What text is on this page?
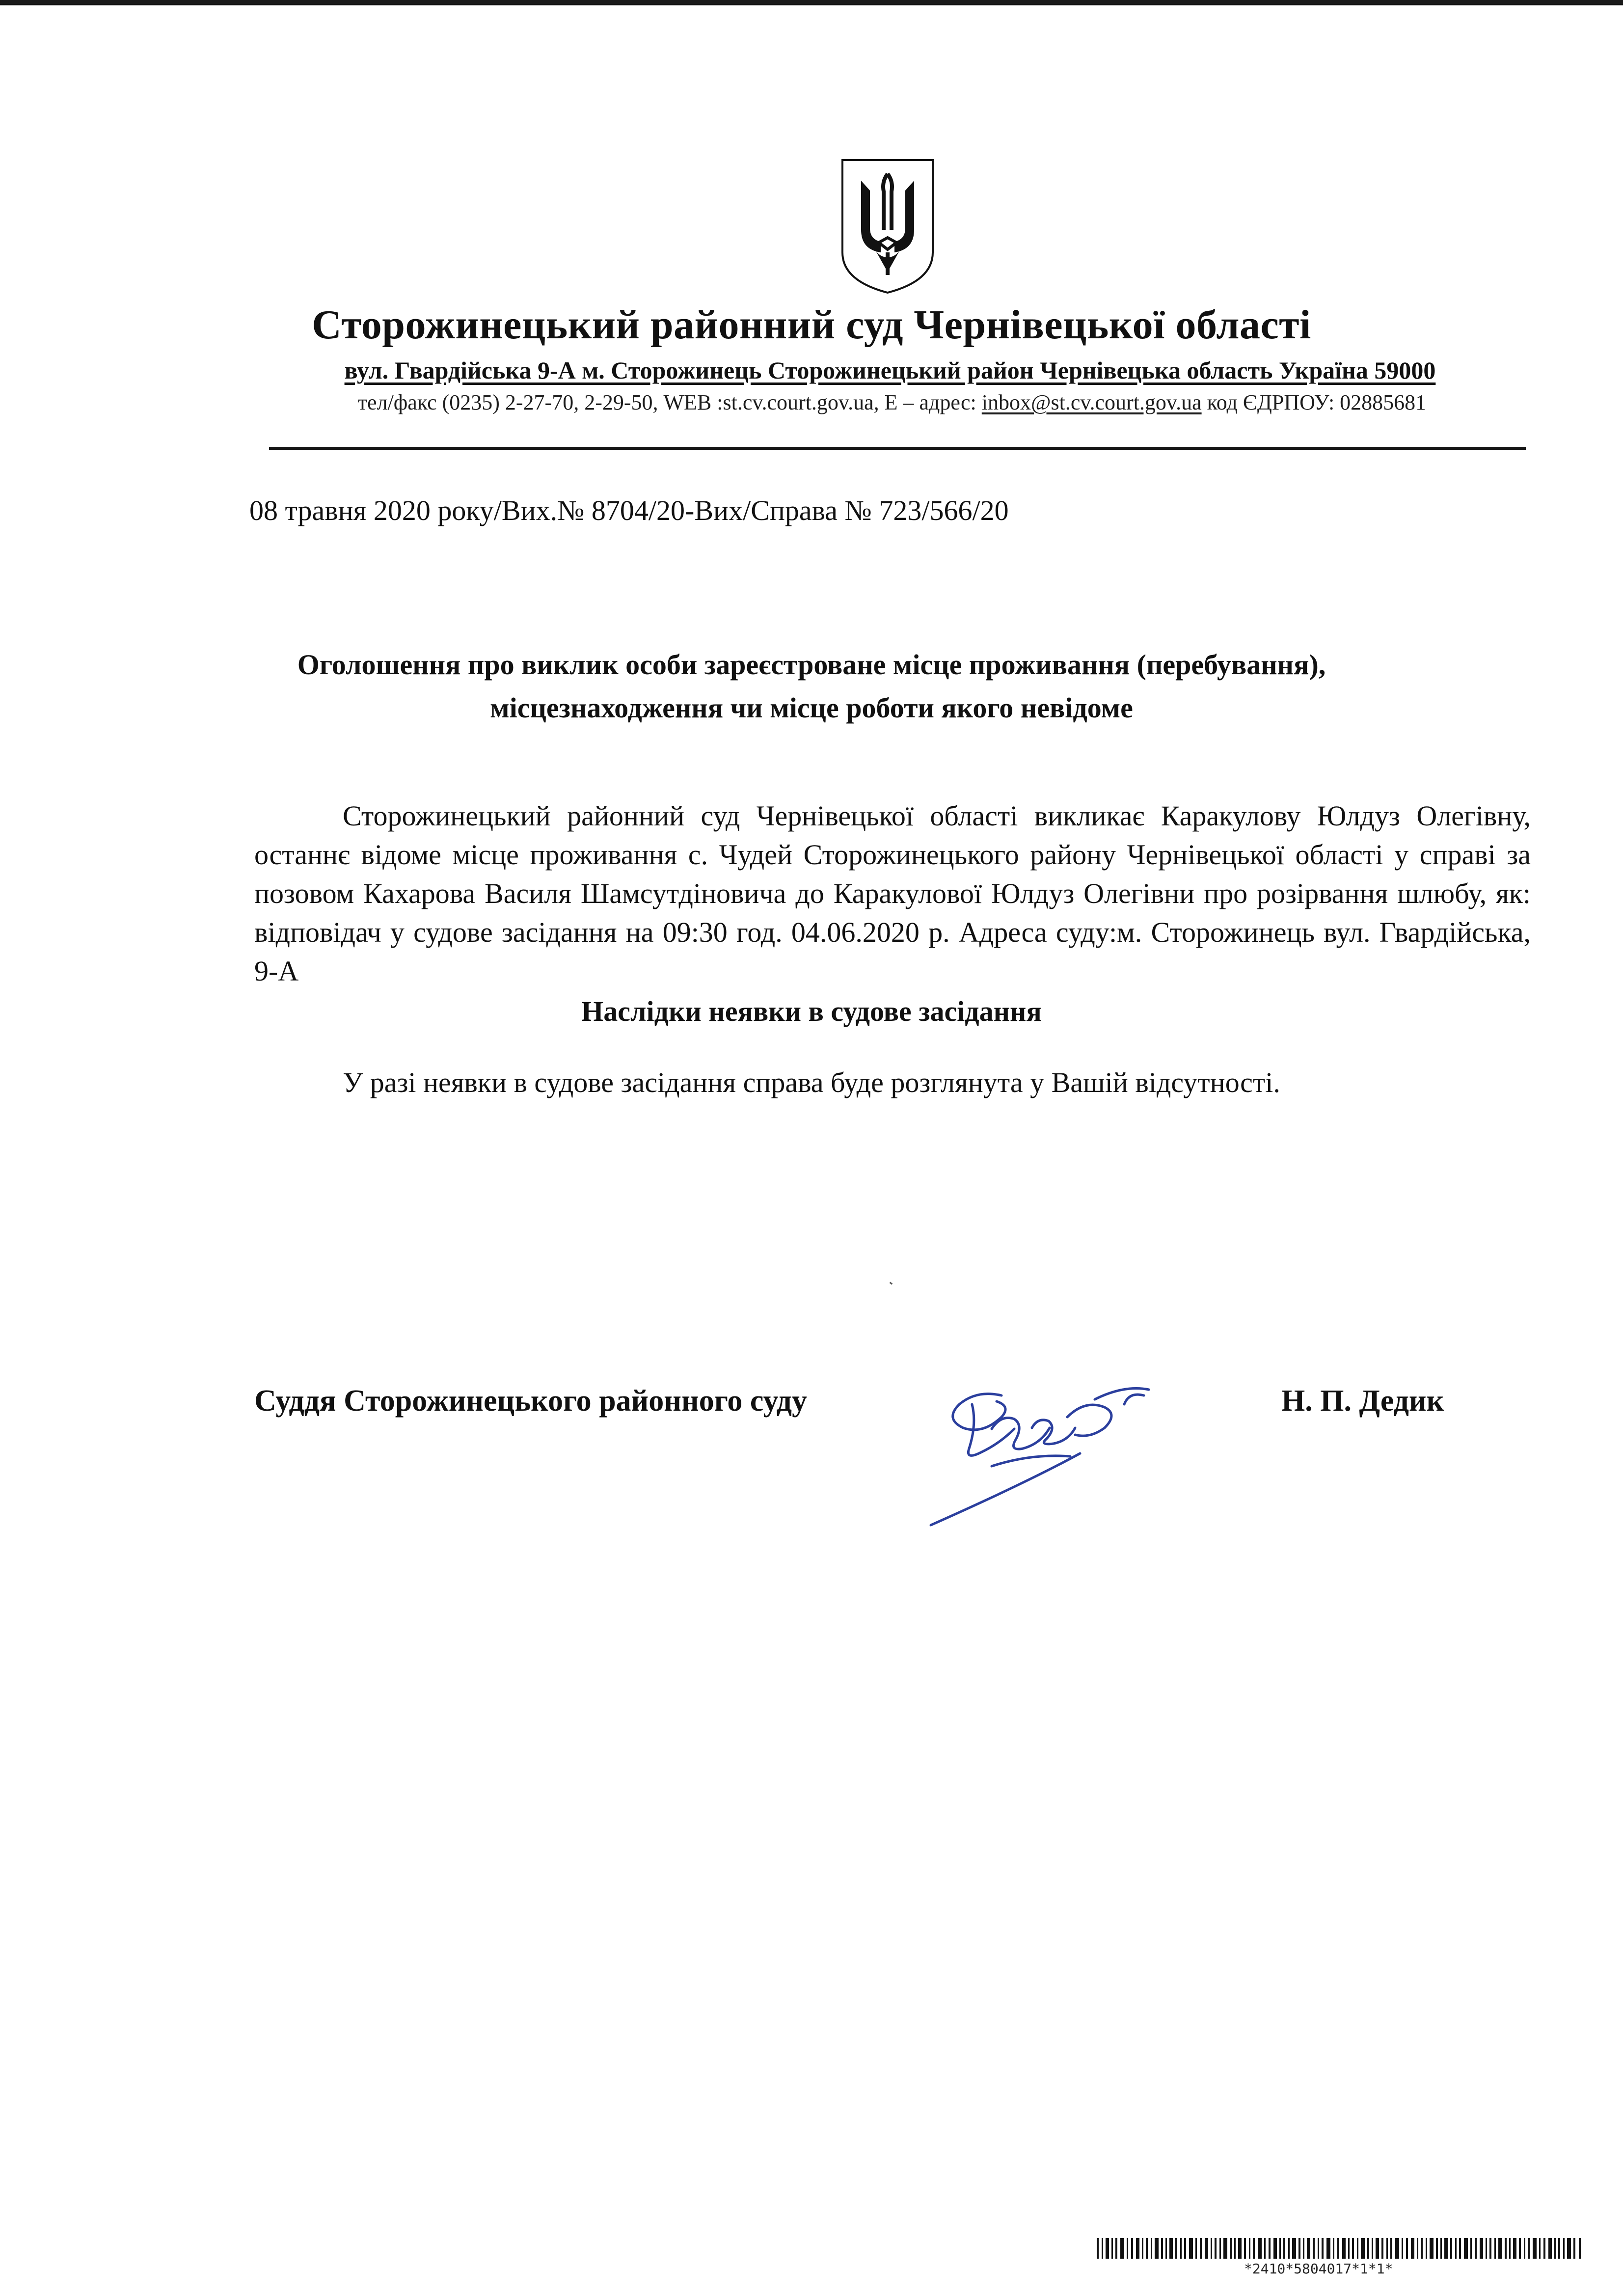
Сторожинецький районний суд Чернівецької області
вул. Гвардійська 9-А м. Сторожинець Сторожинецький район Чернівецька область Україна 59000
тел/факс (0235) 2-27-70, 2-29-50, WEB :st.cv.court.gov.ua, E – адрес: inbox@st.cv.court.gov.ua код ЄДРПОУ: 02885681
08 травня 2020 року/Вих.№ 8704/20-Вих/Справа № 723/566/20
Оголошення про виклик особи зареєстроване місце проживання (перебування),
місцезнаходження чи місце роботи якого невідоме
Сторожинецький районний суд Чернівецької області викликає Каракулову Юлдуз Олегівну, останнє відоме місце проживання с. Чудей Сторожинецького району Чернівецької області у справі за позовом Кахарова Василя Шамсутдінoвича до Каракулової Юлдуз Олегівни про розірвання шлюбу, як: відповідач у судове засідання на 09:30 год. 04.06.2020 р. Адреса суду:м. Сторожинець вул. Гвардійська, 9-А
Наслідки неявки в судове засідання
У разі неявки в судове засідання справа буде розглянута у Вашій відсутності.
Суддя Сторожинецького районного суду	Н. П. Дедик
*2410*5804017*1*1*
